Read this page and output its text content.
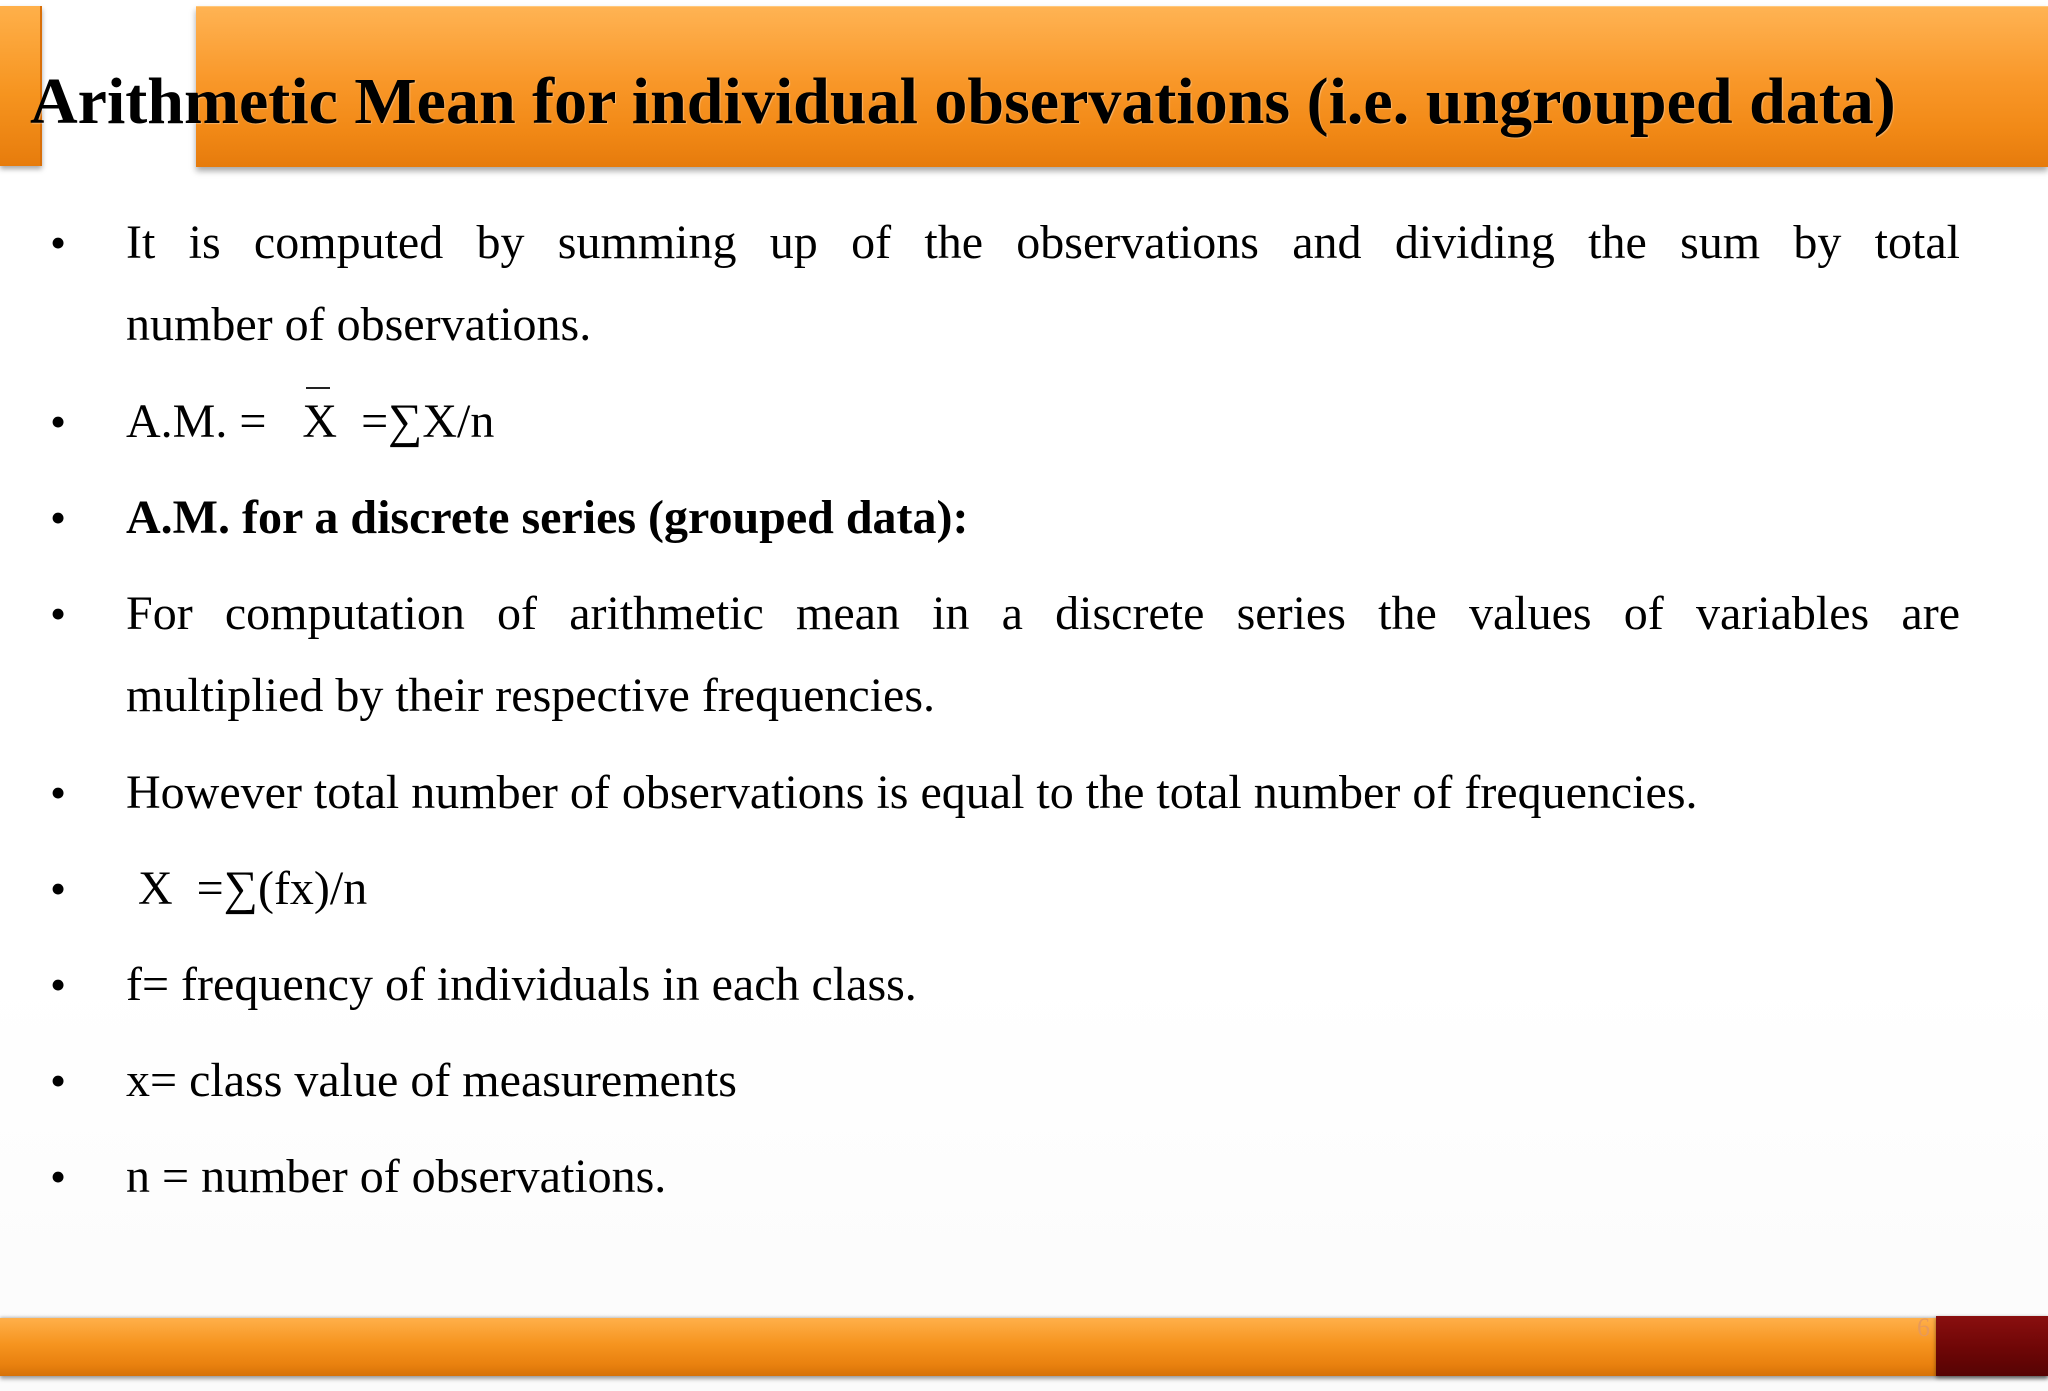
Arithmetic Mean for individual observations (i.e. ungrouped data)
• It is computed by summing up of the observations and dividing the sum by total
number of observations.
• A.M. = X =∑X/n
• A.M. for a discrete series (grouped data):
• For computation of arithmetic mean in a discrete series the values of variables are
multiplied by their respective frequencies.
• However total number of observations is equal to the total number of frequencies.
• X =∑(fx)/n
• f= frequency of individuals in each class.
• x= class value of measurements
• n = number of observations.
6
